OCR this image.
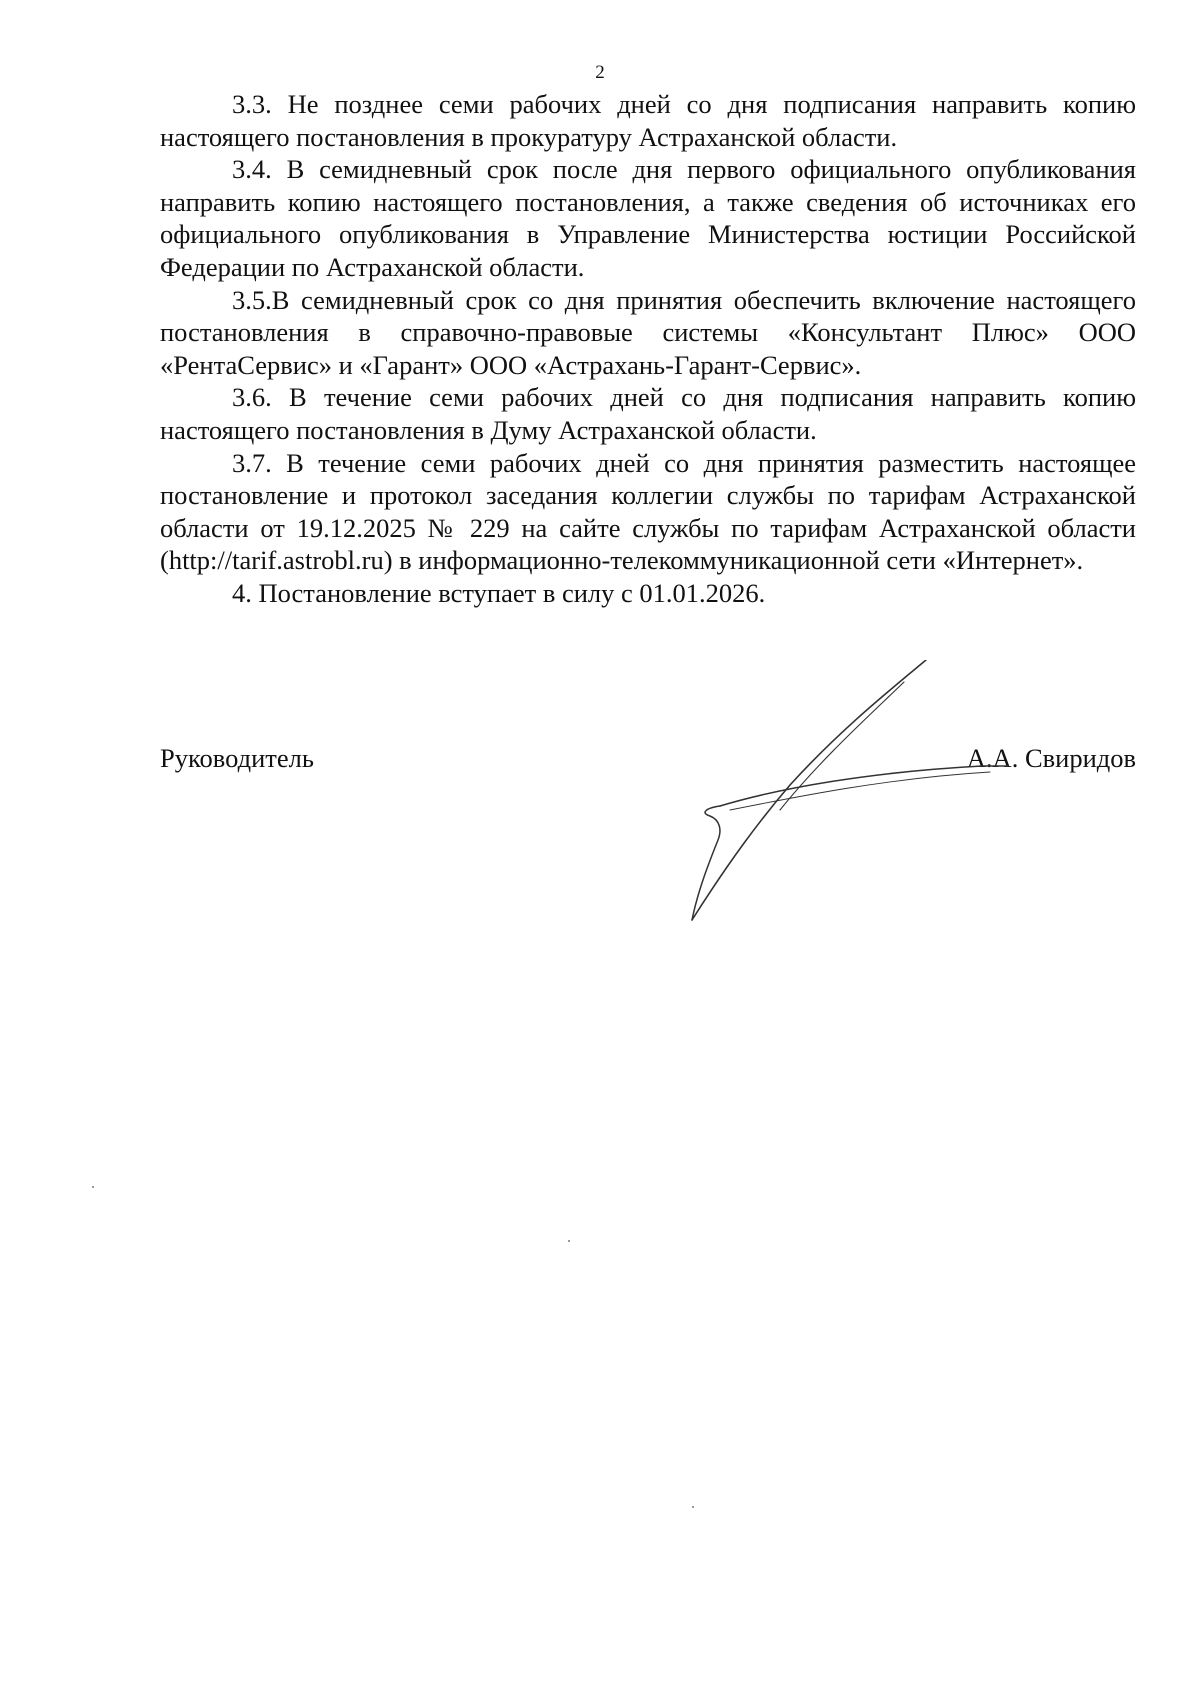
2

3.3. Не позднее семи рабочих дней со дня подписания направить копию настоящего постановления в прокуратуру Астраханской области.

3.4. В семидневный срок после дня первого официального опубликования направить копию настоящего постановления, а также сведения об источниках его официального опубликования в Управление Министерства юстиции Российской Федерации по Астраханской области.

3.5.В семидневный срок со дня принятия обеспечить включение настоящего постановления в справочно-правовые системы «Консультант Плюс» ООО «РентаСервис» и «Гарант» ООО «Астрахань-Гарант-Сервис».

3.6. В течение семи рабочих дней со дня подписания направить копию настоящего постановления в Думу Астраханской области.

3.7. В течение семи рабочих дней со дня принятия разместить настоящее постановление и протокол заседания коллегии службы по тарифам Астраханской области от 19.12.2025 № 229 на сайте службы по тарифам Астраханской области (http://tarif.astrobl.ru) в информационно-телекоммуникационной сети «Интернет».

4. Постановление вступает в силу с 01.01.2026.

Руководитель	А.А. Свиридов
